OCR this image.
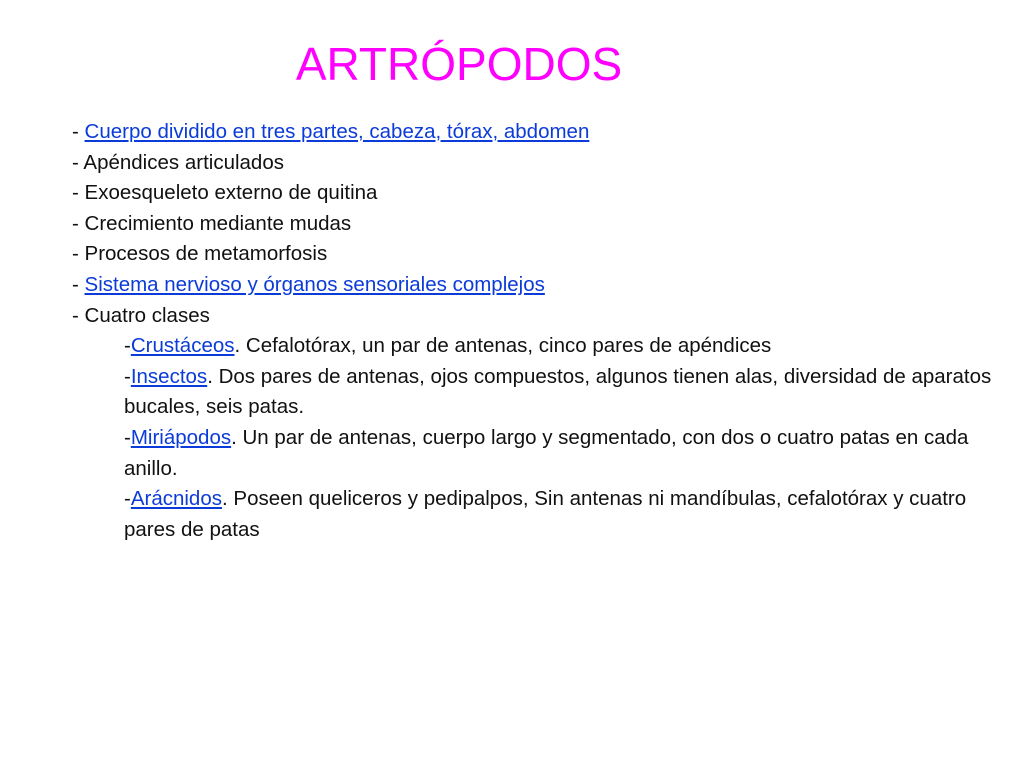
ARTRÓPODOS
- Cuerpo dividido en tres partes, cabeza, tórax, abdomen
- Apéndices articulados
- Exoesqueleto externo de quitina
- Crecimiento mediante mudas
- Procesos de metamorfosis
- Sistema nervioso y órganos sensoriales complejos
- Cuatro clases
-Crustáceos. Cefalotórax, un par de antenas, cinco pares de apéndices
-Insectos. Dos pares de antenas, ojos compuestos, algunos tienen alas, diversidad de aparatos bucales, seis patas.
-Miriápodos. Un par de antenas, cuerpo largo y segmentado, con dos o cuatro patas en cada anillo.
-Arácnidos. Poseen queliceros y pedipalpos, Sin antenas ni mandíbulas, cefalotórax y cuatro pares de patas
